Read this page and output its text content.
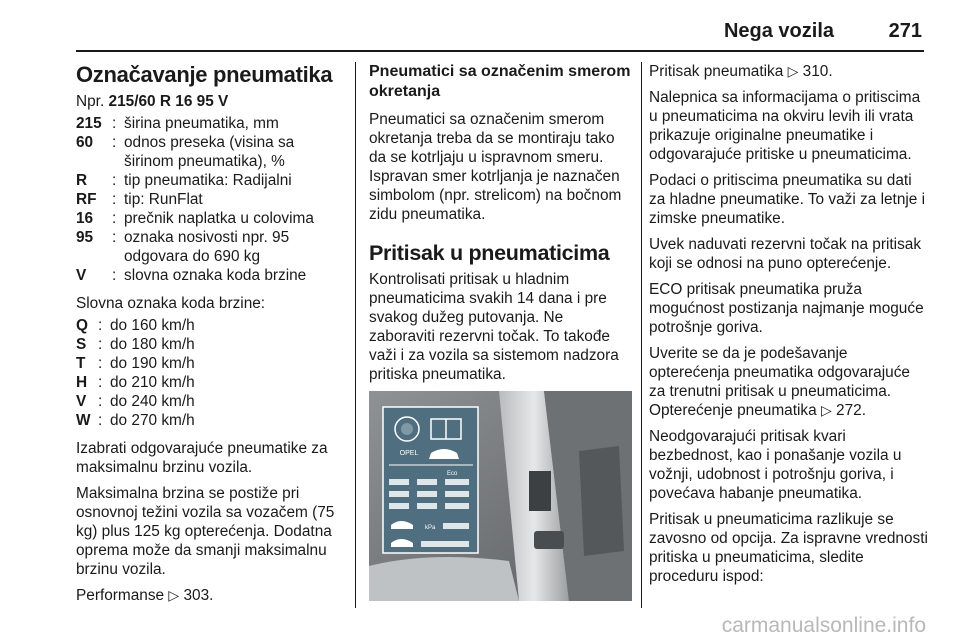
Nega vozila	271
Označavanje pneumatika

Npr. 215/60 R 16 95 V

215 : širina pneumatika, mm
60	: odnos preseka (visina sa širinom pneumatika), %
R	: tip pneumatika: Radijalni
RF	: tip: RunFlat
16	: prečnik naplatka u colovima
95	: oznaka nosivosti npr. 95 odgovara do 690 kg
V	: slovna oznaka koda brzine

Slovna oznaka koda brzine:

Q : do 160 km/h
S : do 180 km/h
T : do 190 km/h
H : do 210 km/h
V : do 240 km/h
W : do 270 km/h

Izabrati odgovarajuće pneumatike za maksimalnu brzinu vozila.

Maksimalna brzina se postiže pri osnovnoj težini vozila sa vozačem (75 kg) plus 125 kg opterećenja. Dodatna oprema može da smanji maksimalnu brzinu vozila.

Performanse ▷ 303.

Pneumatici sa označenim smerom okretanja

Pneumatici sa označenim smerom okretanja treba da se montiraju tako da se kotrljaju u ispravnom smeru. Ispravan smer kotrljanja je naznačen simbolom (npr. strelicom) na bočnom zidu pneumatika.

Pritisak u pneumaticima

Kontrolisati pritisak u hladnim pneumaticima svakih 14 dana i pre svakog dužeg putovanja. Ne zaboraviti rezervni točak. To takođe važi i za vozila sa sistemom nadzora pritiska pneumatika.

OPEL
Eco
kPa

Pritisak pneumatika ▷ 310.

Nalepnica sa informacijama o pritiscima u pneumaticima na okviru levih ili vrata prikazuje originalne pneumatike i odgovarajuće pritiske u pneumaticima.

Podaci o pritiscima pneumatika su dati za hladne pneumatike. To važi za letnje i zimske pneumatike.

Uvek naduvati rezervni točak na pritisak koji se odnosi na puno opterećenje.

ECO pritisak pneumatika pruža mogućnost postizanja najmanje moguće potrošnje goriva.

Uverite se da je podešavanje opterećenja pneumatika odgovarajuće za trenutni pritisak u pneumaticima. Opterećenje pneumatika ▷ 272.

Neodgovarajući pritisak kvari bezbednost, kao i ponašanje vozila u vožnji, udobnost i potrošnju goriva, i povećava habanje pneumatika.

Pritisak u pneumaticima razlikuje se zavosno od opcija. Za ispravne vrednosti pritiska u pneumaticima, sledite proceduru ispod:

carmanualsonline.info
